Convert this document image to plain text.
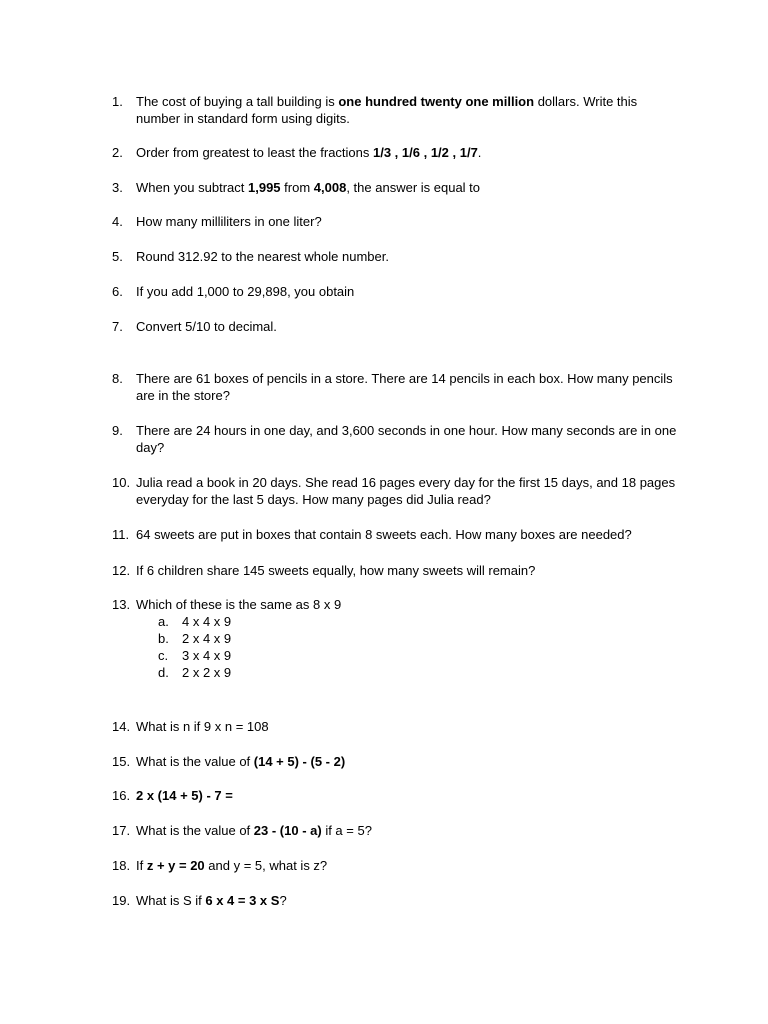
1.	The cost of buying a tall building is one hundred twenty one million dollars. Write this number in standard form using digits.
2.	Order from greatest to least the fractions 1/3 , 1/6 , 1/2 , 1/7.
3.	When you subtract 1,995 from 4,008, the answer is equal to
4.	How many milliliters in one liter?
5.	Round 312.92 to the nearest whole number.
6.	If you add 1,000 to 29,898, you obtain
7.	Convert 5/10 to decimal.
8.	There are 61 boxes of pencils in a store. There are 14 pencils in each box. How many pencils are in the store?
9.	There are 24 hours in one day, and 3,600 seconds in one hour. How many seconds are in one day?
10. Julia read a book in 20 days. She read 16 pages every day for the first 15 days, and 18 pages everyday for the last 5 days. How many pages did Julia read?
11. 64 sweets are put in boxes that contain 8 sweets each. How many boxes are needed?
12. If 6 children share 145 sweets equally, how many sweets will remain?
13. Which of these is the same as 8 x 9
a. 4 x 4 x 9
b. 2 x 4 x 9
c. 3 x 4 x 9
d. 2 x 2 x 9
14. What is n if 9 x n = 108
15. What is the value of (14 + 5) - (5 - 2)
16. 2 x (14 + 5) - 7 =
17. What is the value of 23 - (10 - a) if a = 5?
18. If z + y = 20 and y = 5, what is z?
19. What is S if 6 x 4 = 3 x S?
